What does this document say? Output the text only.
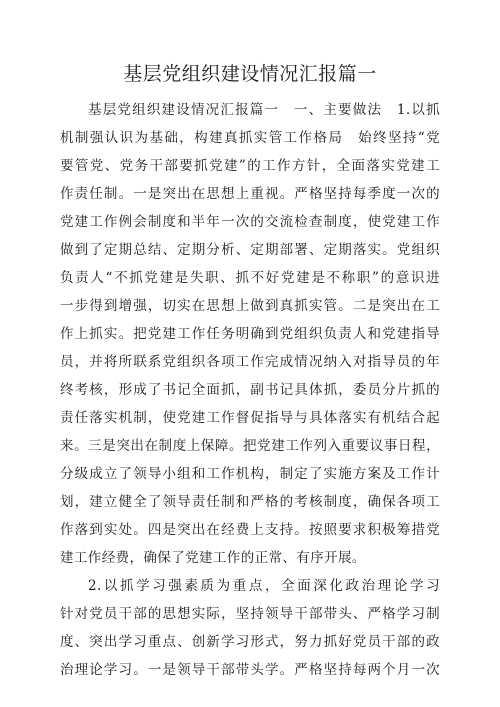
基层党组织建设情况汇报篇一
基层党组织建设情况汇报篇一　一、主要做法　1.以抓
机制强认识为基础，构建真抓实管工作格局　始终坚持“党
要管党、党务干部要抓党建”的工作方针，全面落实党建工
作责任制。一是突出在思想上重视。严格坚持每季度一次的
党建工作例会制度和半年一次的交流检查制度，使党建工作
做到了定期总结、定期分析、定期部署、定期落实。党组织
负责人“不抓党建是失职、抓不好党建是不称职”的意识进
一步得到增强，切实在思想上做到真抓实管。二是突出在工
作上抓实。把党建工作任务明确到党组织负责人和党建指导
员，并将所联系党组织各项工作完成情况纳入对指导员的年
终考核，形成了书记全面抓，副书记具体抓，委员分片抓的
责任落实机制，使党建工作督促指导与具体落实有机结合起
来。三是突出在制度上保障。把党建工作列入重要议事日程，
分级成立了领导小组和工作机构，制定了实施方案及工作计
划，建立健全了领导责任制和严格的考核制度，确保各项工
作落到实处。四是突出在经费上支持。按照要求积极筹措党
建工作经费，确保了党建工作的正常、有序开展。
2.以抓学习强素质为重点，全面深化政治理论学习
针对党员干部的思想实际，坚持领导干部带头、严格学习制
度、突出学习重点、创新学习形式，努力抓好党员干部的政
治理论学习。一是领导干部带头学。严格坚持每两个月一次
